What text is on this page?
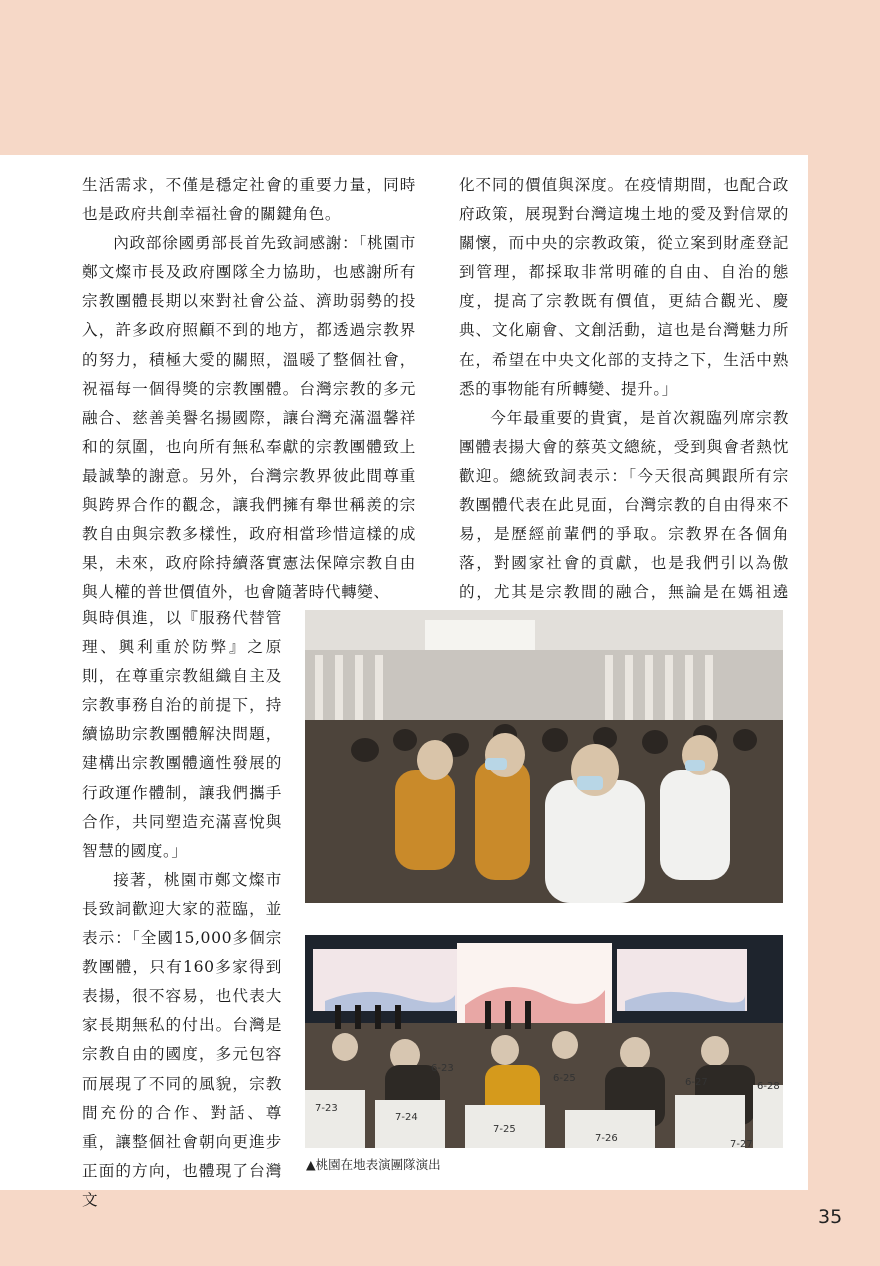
生活需求，不僅是穩定社會的重要力量，同時也是政府共創幸福社會的關鍵角色。

內政部徐國勇部長首先致詞感謝：「桃園市鄭文燦市長及政府團隊全力協助，也感謝所有宗教團體長期以來對社會公益、濟助弱勢的投入，許多政府照顧不到的地方，都透過宗教界的努力，積極大愛的關照，溫暖了整個社會，祝福每一個得獎的宗教團體。台灣宗教的多元融合、慈善美譽名揚國際，讓台灣充滿溫馨祥和的氛圍，也向所有無私奉獻的宗教團體致上最誠摯的謝意。另外，台灣宗教界彼此間尊重與跨界合作的觀念，讓我們擁有舉世稱羨的宗教自由與宗教多樣性，政府相當珍惜這樣的成果，未來，政府除持續落實憲法保障宗教自由與人權的普世價值外，也會隨著時代轉變、

與時俱進，以『服務代替管理、興利重於防弊』之原則，在尊重宗教組織自主及宗教事務自治的前提下，持續協助宗教團體解決問題，建構出宗教團體適性發展的行政運作體制，讓我們攜手合作，共同塑造充滿喜悅與智慧的國度。」

接著，桃園市鄭文燦市長致詞歡迎大家的蒞臨，並表示：「全國15,000多個宗教團體，只有160多家得到表揚，很不容易，也代表大家長期無私的付出。台灣是宗教自由的國度，多元包容而展現了不同的風貌，宗教間充份的合作、對話、尊重，讓整個社會朝向更進步正面的方向，也體現了台灣文

化不同的價值與深度。在疫情期間，也配合政府政策，展現對台灣這塊土地的愛及對信眾的關懷，而中央的宗教政策，從立案到財產登記到管理，都採取非常明確的自由、自治的態度，提高了宗教既有價值，更結合觀光、慶典、文化廟會、文創活動，這也是台灣魅力所在，希望在中央文化部的支持之下，生活中熟悉的事物能有所轉變、提升。」

今年最重要的貴賓，是首次親臨列席宗教團體表揚大會的蔡英文總統，受到與會者熱忱歡迎。總統致詞表示：「今天很高興跟所有宗教團體代表在此見面，台灣宗教的自由得來不易，是歷經前輩們的爭取。宗教界在各個角落，對國家社會的貢獻，也是我們引以為傲的，尤其是宗教間的融合，無論是在媽祖遶

6-23
6-25	6-27	6-28
7-23
7-24
7-25
7-26
7-27
▲桃園在地表演團隊演出
35
